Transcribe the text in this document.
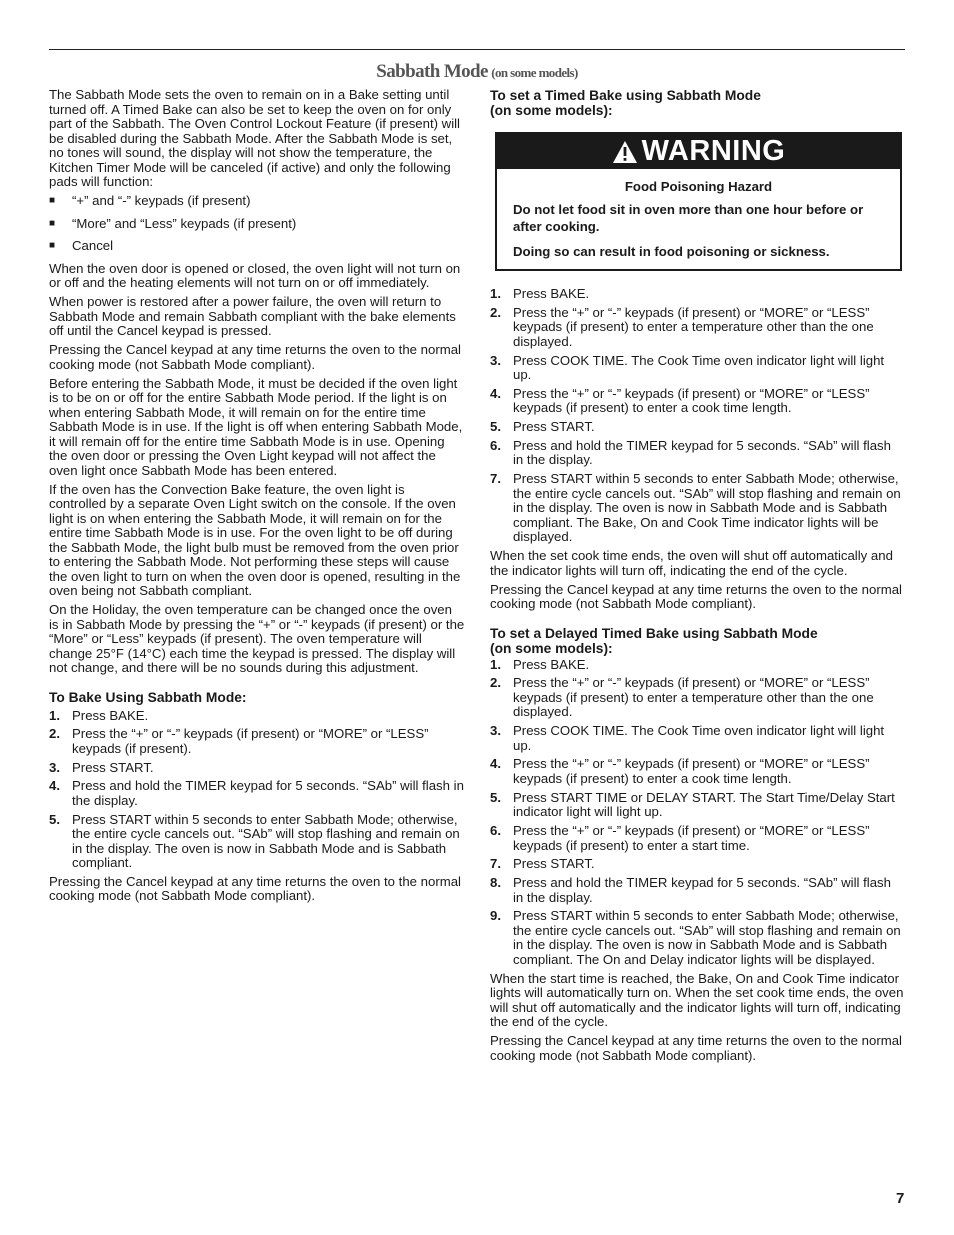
Sabbath Mode (on some models)

The Sabbath Mode sets the oven to remain on in a Bake setting until turned off. A Timed Bake can also be set to keep the oven on for only part of the Sabbath. The Oven Control Lockout Feature (if present) will be disabled during the Sabbath Mode. After the Sabbath Mode is set, no tones will sound, the display will not show the temperature, the Kitchen Timer Mode will be canceled (if active) and only the following pads will function:

■	“+” and “-” keypads (if present)
■	“More” and “Less” keypads (if present)
■	Cancel

When the oven door is opened or closed, the oven light will not turn on or off and the heating elements will not turn on or off immediately.

When power is restored after a power failure, the oven will return to Sabbath Mode and remain Sabbath compliant with the bake elements off until the Cancel keypad is pressed.

Pressing the Cancel keypad at any time returns the oven to the normal cooking mode (not Sabbath Mode compliant).

Before entering the Sabbath Mode, it must be decided if the oven light is to be on or off for the entire Sabbath Mode period. If the light is on when entering Sabbath Mode, it will remain on for the entire time Sabbath Mode is in use. If the light is off when entering Sabbath Mode, it will remain off for the entire time Sabbath Mode is in use. Opening the oven door or pressing the Oven Light keypad will not affect the oven light once Sabbath Mode has been entered.

If the oven has the Convection Bake feature, the oven light is controlled by a separate Oven Light switch on the console. If the oven light is on when entering the Sabbath Mode, it will remain on for the entire time Sabbath Mode is in use. For the oven light to be off during the Sabbath Mode, the light bulb must be removed from the oven prior to entering the Sabbath Mode. Not performing these steps will cause the oven light to turn on when the oven door is opened, resulting in the oven being not Sabbath compliant.

On the Holiday, the oven temperature can be changed once the oven is in Sabbath Mode by pressing the “+” or “-” keypads (if present) or the “More” or “Less” keypads (if present). The oven temperature will change 25°F (14°C) each time the keypad is pressed. The display will not change, and there will be no sounds during this adjustment.

To Bake Using Sabbath Mode:
1. Press BAKE.
2. Press the “+” or “-” keypads (if present) or “MORE” or “LESS” keypads (if present).
3. Press START.
4. Press and hold the TIMER keypad for 5 seconds. “SAb” will flash in the display.
5. Press START within 5 seconds to enter Sabbath Mode; otherwise, the entire cycle cancels out. “SAb” will stop flashing and remain on in the display. The oven is now in Sabbath Mode and is Sabbath compliant.

Pressing the Cancel keypad at any time returns the oven to the normal cooking mode (not Sabbath Mode compliant).

To set a Timed Bake using Sabbath Mode
(on some models):
WARNING
Food Poisoning Hazard

Do not let food sit in oven more than one hour before or after cooking.

Doing so can result in food poisoning or sickness.

1. Press BAKE.
2. Press the “+” or “-” keypads (if present) or “MORE” or “LESS” keypads (if present) to enter a temperature other than the one displayed.
3. Press COOK TIME. The Cook Time oven indicator light will light up.
4. Press the “+” or “-” keypads (if present) or “MORE” or “LESS” keypads (if present) to enter a cook time length.
5. Press START.
6. Press and hold the TIMER keypad for 5 seconds. “SAb” will flash in the display.
7. Press START within 5 seconds to enter Sabbath Mode; otherwise, the entire cycle cancels out. “SAb” will stop flashing and remain on in the display. The oven is now in Sabbath Mode and is Sabbath compliant. The Bake, On and Cook Time indicator lights will be displayed.

When the set cook time ends, the oven will shut off automatically and the indicator lights will turn off, indicating the end of the cycle.

Pressing the Cancel keypad at any time returns the oven to the normal cooking mode (not Sabbath Mode compliant).

To set a Delayed Timed Bake using Sabbath Mode
(on some models):
1. Press BAKE.
2. Press the “+” or “-” keypads (if present) or “MORE” or “LESS” keypads (if present) to enter a temperature other than the one displayed.
3. Press COOK TIME. The Cook Time oven indicator light will light up.
4. Press the “+” or “-” keypads (if present) or “MORE” or “LESS” keypads (if present) to enter a cook time length.
5. Press START TIME or DELAY START. The Start Time/Delay Start indicator light will light up.
6. Press the “+” or “-” keypads (if present) or “MORE” or “LESS” keypads (if present) to enter a start time.
7. Press START.
8. Press and hold the TIMER keypad for 5 seconds. “SAb” will flash in the display.
9. Press START within 5 seconds to enter Sabbath Mode; otherwise, the entire cycle cancels out. “SAb” will stop flashing and remain on in the display. The oven is now in Sabbath Mode and is Sabbath compliant. The On and Delay indicator lights will be displayed.

When the start time is reached, the Bake, On and Cook Time indicator lights will automatically turn on. When the set cook time ends, the oven will shut off automatically and the indicator lights will turn off, indicating the end of the cycle.

Pressing the Cancel keypad at any time returns the oven to the normal cooking mode (not Sabbath Mode compliant).

7
